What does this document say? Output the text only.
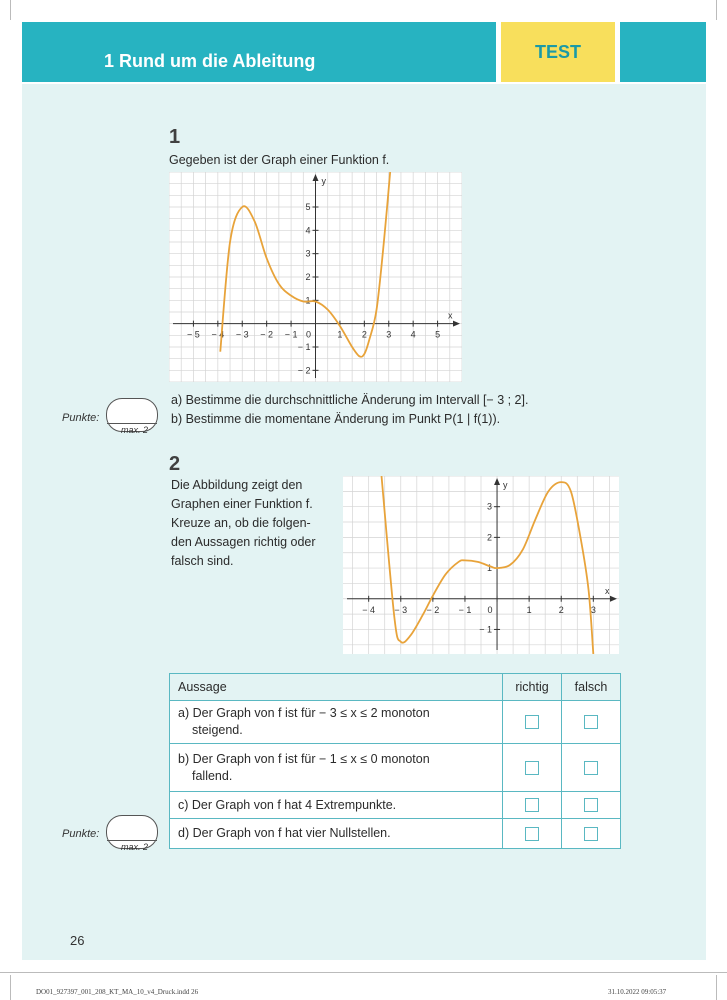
1 Rund um die Ableitung	TEST
1
Gegeben ist der Graph einer Funktion f.
x
y
− 5 − 4 − 3 − 2 − 1 0	1 2 3 4 5
− 2
− 1
1
2
3
4
5
a) Bestimme die durchschnittliche Änderung im Intervall [− 3 ; 2].
b) Bestimme die momentane Änderung im Punkt P(1 | f(1)).
Punkte:
max. 2
2
Die Abbildung zeigt den
Graphen einer Funktion f.
Kreuze an, ob die folgen-
den Aussagen richtig oder
falsch sind.
x
y
− 4 − 3 − 2 − 1 0	1	2	3
− 1
1
2
3
Aussage	richtig	falsch
a) Der Graph von f ist für − 3 ≤ x ≤ 2 monoton
steigend.		

b) Der Graph von f ist für − 1 ≤ x ≤ 0 monoton
fallend.		

c) Der Graph von f hat 4 Extrempunkte.		
d) Der Graph von f hat vier Nullstellen.		
Punkte:
max. 2
26
DO01_927397_001_208_KT_MA_10_v4_Druck.indd 26	31.10.2022 09:05:37
